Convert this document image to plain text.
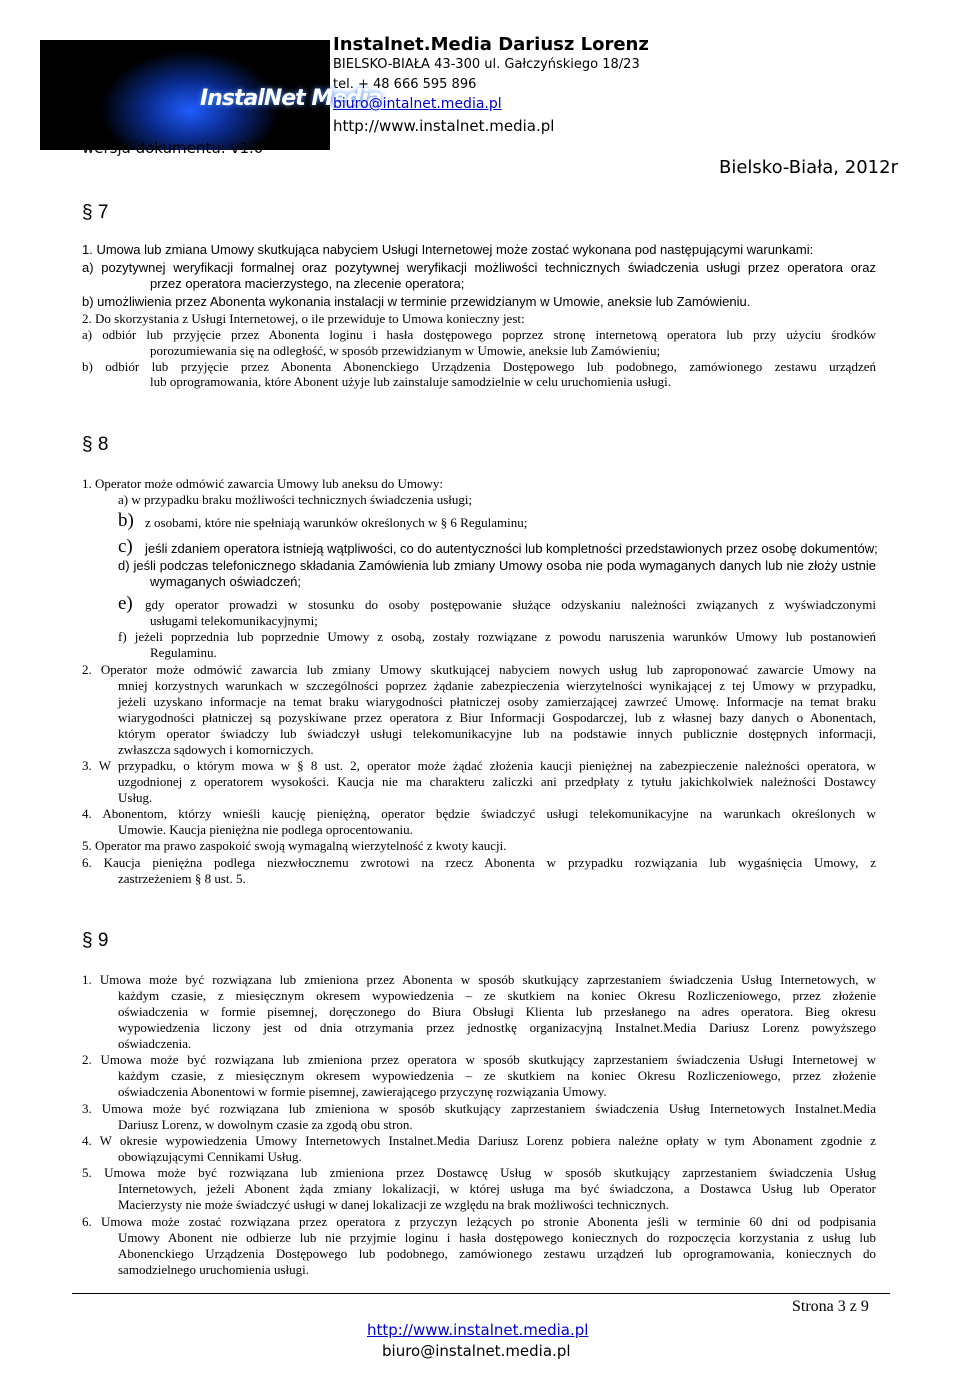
InstalNet Media
Instalnet.Media Dariusz Lorenz
BIELSKO-BIAŁA 43-300 ul. Gałczyńskiego 18/23
tel. + 48 666 595 896
biuro@intalnet.media.pl
http://www.instalnet.media.pl
wersja dokumentu: v1.0
Bielsko-Biała, 2012r
§ 7
1. Umowa lub zmiana Umowy skutkująca nabyciem Usługi Internetowej może zostać wykonana pod następującymi warunkami:
a) pozytywnej weryfikacji formalnej oraz pozytywnej weryfikacji możliwości technicznych świadczenia usługi przez operatora oraz
przez operatora macierzystego, na zlecenie operatora;
b) umożliwienia przez Abonenta wykonania instalacji w terminie przewidzianym w Umowie, aneksie lub Zamówieniu.
2. Do skorzystania z Usługi Internetowej, o ile przewiduje to Umowa konieczny jest:
a) odbiór lub przyjęcie przez Abonenta loginu i hasła dostępowego poprzez stronę internetową operatora lub przy użyciu środków
porozumiewania się na odległość, w sposób przewidzianym w Umowie, aneksie lub Zamówieniu;
b) odbiór lub przyjęcie przez Abonenta Abonenckiego Urządzenia Dostępowego lub podobnego, zamówionego zestawu urządzeń
lub oprogramowania, które Abonent użyje lub zainstaluje samodzielnie w celu uruchomienia usługi.
§ 8
1. Operator może odmówić zawarcia Umowy lub aneksu do Umowy:
a) w przypadku braku możliwości technicznych świadczenia usługi;
b) z osobami, które nie spełniają warunków określonych w § 6 Regulaminu;
c) jeśli zdaniem operatora istnieją wątpliwości, co do autentyczności lub kompletności przedstawionych przez osobę dokumentów;
d) jeśli podczas telefonicznego składania Zamówienia lub zmiany Umowy osoba nie poda wymaganych danych lub nie złoży ustnie
wymaganych oświadczeń;
e) gdy operator prowadzi w stosunku do osoby postępowanie służące odzyskaniu należności związanych z wyświadczonymi
usługami telekomunikacyjnymi;
f) jeżeli poprzednia lub poprzednie Umowy z osobą, zostały rozwiązane z powodu naruszenia warunków Umowy lub postanowień
Regulaminu.
2. Operator może odmówić zawarcia lub zmiany Umowy skutkującej nabyciem nowych usług lub zaproponować zawarcie Umowy na
mniej korzystnych warunkach w szczególności poprzez żądanie zabezpieczenia wierzytelności wynikającej z tej Umowy w przypadku,
jeżeli uzyskano informacje na temat braku wiarygodności płatniczej osoby zamierzającej zawrzeć Umowę. Informacje na temat braku
wiarygodności płatniczej są pozyskiwane przez operatora z Biur Informacji Gospodarczej, lub z własnej bazy danych o Abonentach,
którym operator świadczy lub świadczył usługi telekomunikacyjne lub na podstawie innych publicznie dostępnych informacji,
zwłaszcza sądowych i komorniczych.
3. W przypadku, o którym mowa w § 8 ust. 2, operator może żądać złożenia kaucji pieniężnej na zabezpieczenie należności operatora, w
uzgodnionej z operatorem wysokości. Kaucja nie ma charakteru zaliczki ani przedpłaty z tytułu jakichkolwiek należności Dostawcy
Usług.
4. Abonentom, którzy wnieśli kaucję pieniężną, operator będzie świadczyć usługi telekomunikacyjne na warunkach określonych w
Umowie. Kaucja pieniężna nie podlega oprocentowaniu.
5. Operator ma prawo zaspokoić swoją wymagalną wierzytelność z kwoty kaucji.
6. Kaucja pieniężna podlega niezwłocznemu zwrotowi na rzecz Abonenta w przypadku rozwiązania lub wygaśnięcia Umowy, z
zastrzeżeniem § 8 ust. 5.
§ 9
1. Umowa może być rozwiązana lub zmieniona przez Abonenta w sposób skutkujący zaprzestaniem świadczenia Usług Internetowych, w
każdym czasie, z miesięcznym okresem wypowiedzenia – ze skutkiem na koniec Okresu Rozliczeniowego, przez złożenie
oświadczenia w formie pisemnej, doręczonego do Biura Obsługi Klienta lub przesłanego na adres operatora. Bieg okresu
wypowiedzenia liczony jest od dnia otrzymania przez jednostkę organizacyjną Instalnet.Media Dariusz Lorenz powyższego
oświadczenia.
2. Umowa może być rozwiązana lub zmieniona przez operatora w sposób skutkujący zaprzestaniem świadczenia Usługi Internetowej w
każdym czasie, z miesięcznym okresem wypowiedzenia – ze skutkiem na koniec Okresu Rozliczeniowego, przez złożenie
oświadczenia Abonentowi w formie pisemnej, zawierającego przyczynę rozwiązania Umowy.
3. Umowa może być rozwiązana lub zmieniona w sposób skutkujący zaprzestaniem świadczenia Usług Internetowych Instalnet.Media
Dariusz Lorenz, w dowolnym czasie za zgodą obu stron.
4. W okresie wypowiedzenia Umowy Internetowych Instalnet.Media Dariusz Lorenz pobiera należne opłaty w tym Abonament zgodnie z
obowiązującymi Cennikami Usług.
5. Umowa może być rozwiązana lub zmieniona przez Dostawcę Usług w sposób skutkujący zaprzestaniem świadczenia Usług
Internetowych, jeżeli Abonent żąda zmiany lokalizacji, w której usługa ma być świadczona, a Dostawca Usług lub Operator
Macierzysty nie może świadczyć usługi w danej lokalizacji ze względu na brak możliwości technicznych.
6. Umowa może zostać rozwiązana przez operatora z przyczyn leżących po stronie Abonenta jeśli w terminie 60 dni od podpisania
Umowy Abonent nie odbierze lub nie przyjmie loginu i hasła dostępowego koniecznych do rozpoczęcia korzystania z usług lub
Abonenckiego Urządzenia Dostępowego lub podobnego, zamówionego zestawu urządzeń lub oprogramowania, koniecznych do
samodzielnego uruchomienia usługi.
Strona 3 z 9
http://www.instalnet.media.pl
biuro@instalnet.media.pl
